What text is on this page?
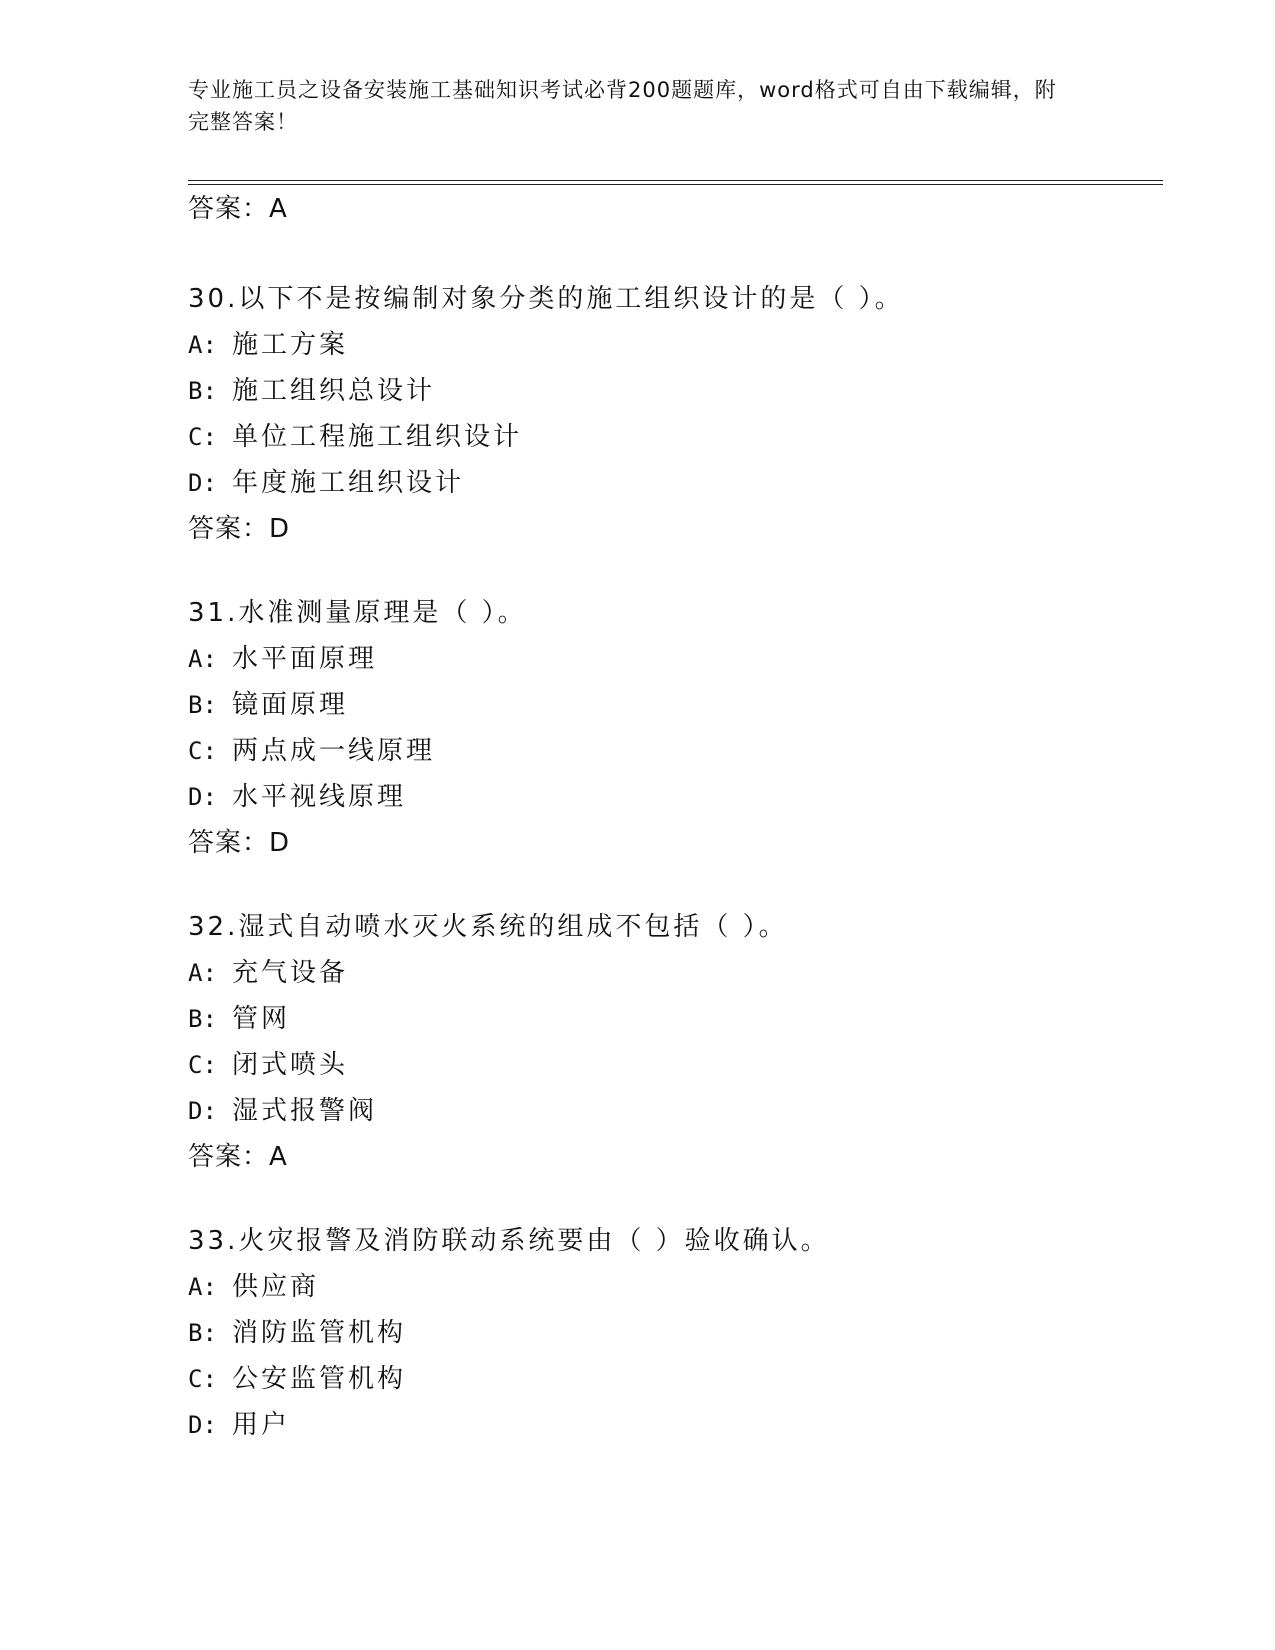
专业施工员之设备安装施工基础知识考试必背200题题库，word格式可自由下载编辑，附完整答案！
答案：A
30.以下不是按编制对象分类的施工组织设计的是（ ）。
A: 施工方案
B: 施工组织总设计
C: 单位工程施工组织设计
D: 年度施工组织设计
答案：D
31.水准测量原理是（ ）。
A: 水平面原理
B: 镜面原理
C: 两点成一线原理
D: 水平视线原理
答案：D
32.湿式自动喷水灭火系统的组成不包括（ ）。
A: 充气设备
B: 管网
C: 闭式喷头
D: 湿式报警阀
答案：A
33.火灾报警及消防联动系统要由（ ）验收确认。
A: 供应商
B: 消防监管机构
C: 公安监管机构
D: 用户
